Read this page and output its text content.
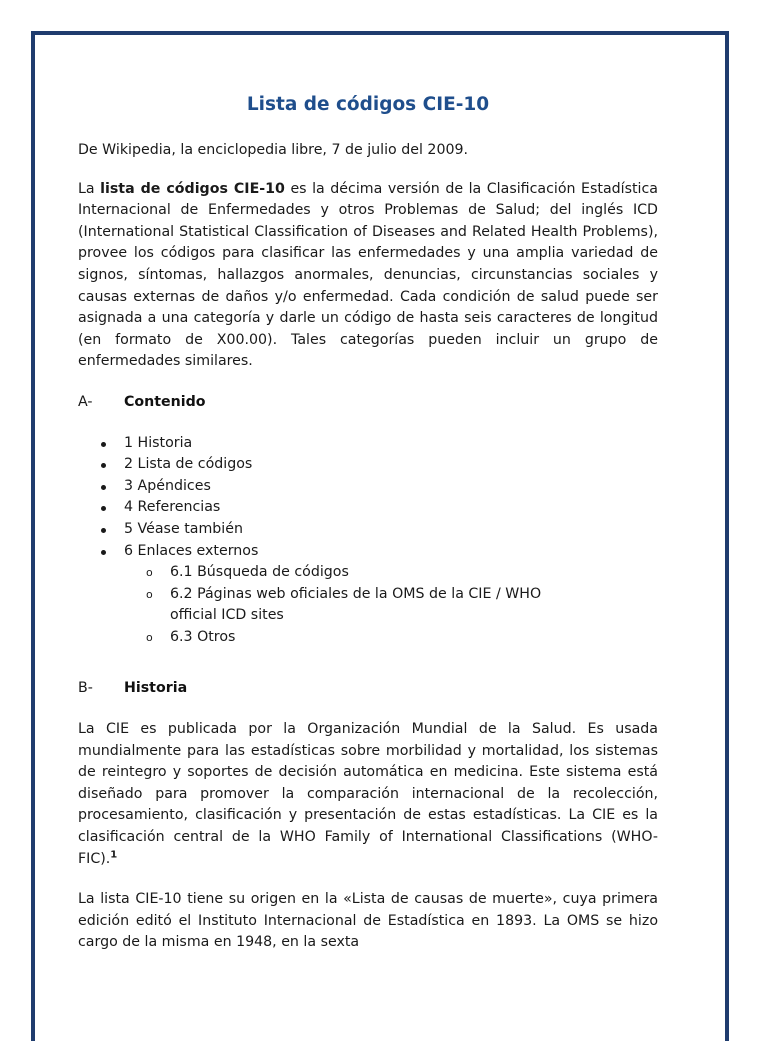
Lista de códigos CIE-10

De Wikipedia, la enciclopedia libre, 7 de julio del 2009.

La lista de códigos CIE-10 es la décima versión de la Clasificación Estadística Internacional de Enfermedades y otros Problemas de Salud; del inglés ICD (International Statistical Classification of Diseases and Related Health Problems), provee los códigos para clasificar las enfermedades y una amplia variedad de signos, síntomas, hallazgos anormales, denuncias, circunstancias sociales y causas externas de daños y/o enfermedad. Cada condición de salud puede ser asignada a una categoría y darle un código de hasta seis caracteres de longitud (en formato de X00.00). Tales categorías pueden incluir un grupo de enfermedades similares.

A-	Contenido
1 Historia
2 Lista de códigos
3 Apéndices
4 Referencias
5 Véase también
6 Enlaces externos
o 6.1 Búsqueda de códigos
o 6.2 Páginas web oficiales de la OMS de la CIE / WHO official ICD sites
o 6.3 Otros
B-	Historia

La CIE es publicada por la Organización Mundial de la Salud. Es usada mundialmente para las estadísticas sobre morbilidad y mortalidad, los sistemas de reintegro y soportes de decisión automática en medicina. Este sistema está diseñado para promover la comparación internacional de la recolección, procesamiento, clasificación y presentación de estas estadísticas. La CIE es la clasificación central de la WHO Family of International Classifications (WHO-FIC).$^1$

La lista CIE-10 tiene su origen en la «Lista de causas de muerte», cuya primera edición editó el Instituto Internacional de Estadística en 1893. La OMS se hizo cargo de la misma en 1948, en la sexta
